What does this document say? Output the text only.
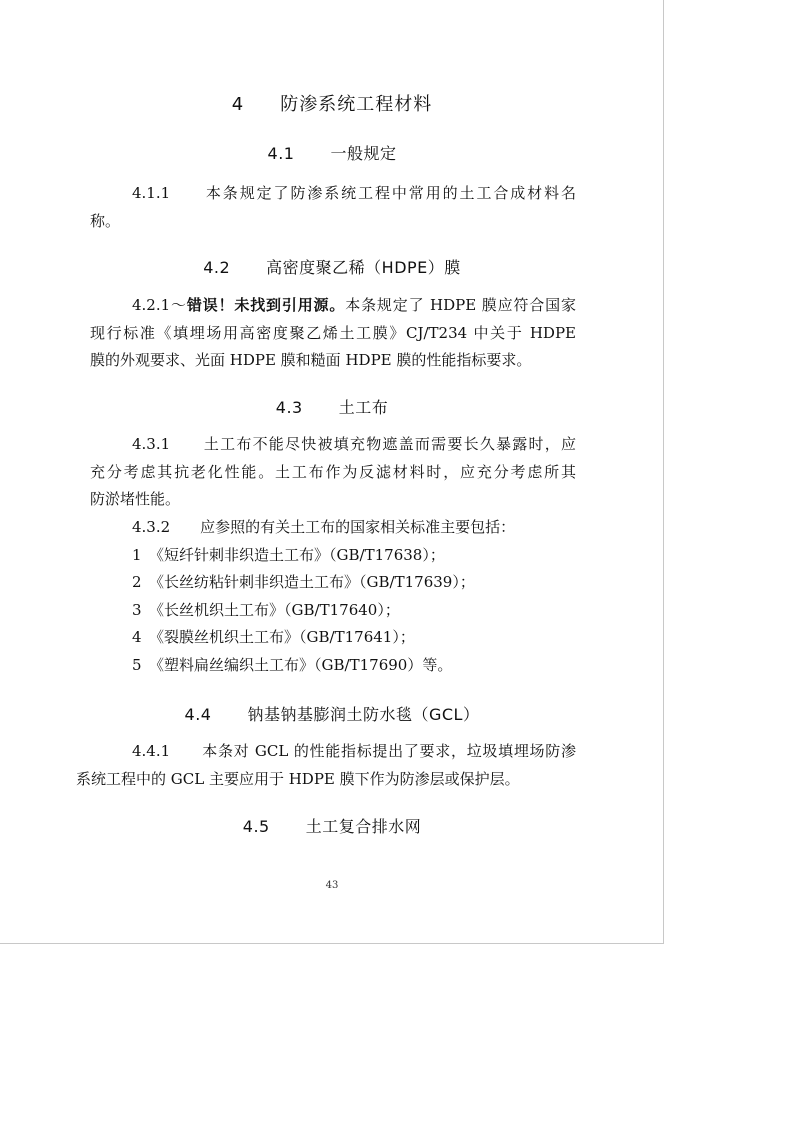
4 防渗系统工程材料
4.1 一般规定
4.1.1　　本条规定了防渗系统工程中常用的土工合成材料名
称。
4.2 高密度聚乙稀（HDPE）膜
4.2.1～错误！未找到引用源。本条规定了 HDPE 膜应符合国家
现行标准《填埋场用高密度聚乙烯土工膜》CJ/T234 中关于 HDPE
膜的外观要求、光面 HDPE 膜和糙面 HDPE 膜的性能指标要求。
4.3 土工布
4.3.1　　土工布不能尽快被填充物遮盖而需要长久暴露时，应
充分考虑其抗老化性能。土工布作为反滤材料时，应充分考虑所其
防淤堵性能。
4.3.2　　应参照的有关土工布的国家相关标准主要包括：
1　《短纤针刺非织造土工布》（GB/T17638）；
2　《长丝纺粘针刺非织造土工布》（GB/T17639）；
3　《长丝机织土工布》（GB/T17640）；
4　《裂膜丝机织土工布》（GB/T17641）；
5　《塑料扁丝编织土工布》（GB/T17690）等。
4.4 钠基钠基膨润土防水毯（GCL）
4.4.1　　本条对 GCL 的性能指标提出了要求，垃圾填埋场防渗
系统工程中的 GCL 主要应用于 HDPE 膜下作为防渗层或保护层。
4.5 土工复合排水网
43
